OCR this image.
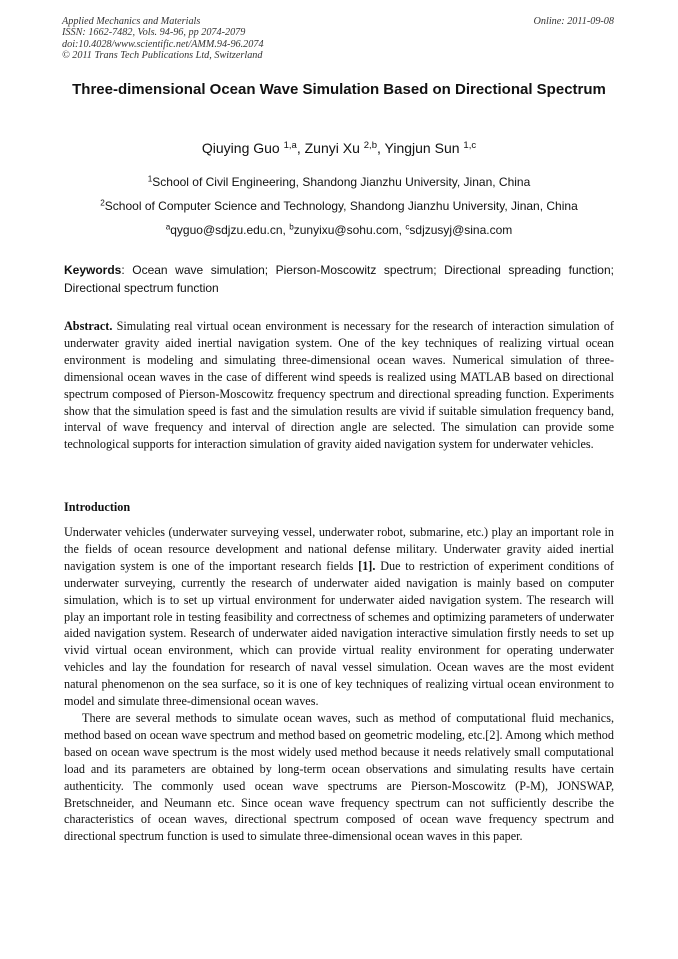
Applied Mechanics and Materials
ISSN: 1662-7482, Vols. 94-96, pp 2074-2079
doi:10.4028/www.scientific.net/AMM.94-96.2074
© 2011 Trans Tech Publications Ltd, Switzerland
Online: 2011-09-08
Three-dimensional Ocean Wave Simulation Based on Directional Spectrum
Qiuying Guo $^{1,a}$, Zunyi Xu $^{2,b}$, Yingjun Sun $^{1,c}$
$^1$School of Civil Engineering, Shandong Jianzhu University, Jinan, China
$^2$School of Computer Science and Technology, Shandong Jianzhu University, Jinan, China
$^a$qyguo@sdjzu.edu.cn, $^b$zunyixu@sohu.com, $^c$sdjzusyj@sina.com
Keywords: Ocean wave simulation; Pierson-Moscowitz spectrum; Directional spreading function; Directional spectrum function

Abstract. Simulating real virtual ocean environment is necessary for the research of interaction simulation of underwater gravity aided inertial navigation system. One of the key techniques of realizing virtual ocean environment is modeling and simulating three-dimensional ocean waves. Numerical simulation of three-dimensional ocean waves in the case of different wind speeds is realized using MATLAB based on directional spectrum composed of Pierson-Moscowitz frequency spectrum and directional spreading function. Experiments show that the simulation speed is fast and the simulation results are vivid if suitable simulation frequency band, interval of wave frequency and interval of direction angle are selected. The simulation can provide some technological supports for interaction simulation of gravity aided navigation system for underwater vehicles.

Introduction

Underwater vehicles (underwater surveying vessel, underwater robot, submarine, etc.) play an important role in the fields of ocean resource development and national defense military. Underwater gravity aided inertial navigation system is one of the important research fields [1]. Due to restriction of experiment conditions of underwater surveying, currently the research of underwater aided navigation is mainly based on computer simulation, which is to set up virtual environment for underwater aided navigation system. The research will play an important role in testing feasibility and correctness of schemes and optimizing parameters of underwater aided navigation system. Research of underwater aided navigation interactive simulation firstly needs to set up vivid virtual ocean environment, which can provide virtual reality environment for operating underwater vehicles and lay the foundation for research of naval vessel simulation. Ocean waves are the most evident natural phenomenon on the sea surface, so it is one of key techniques of realizing virtual ocean environment to model and simulate three-dimensional ocean waves.

There are several methods to simulate ocean waves, such as method of computational fluid mechanics, method based on ocean wave spectrum and method based on geometric modeling, etc.[2]. Among which method based on ocean wave spectrum is the most widely used method because it needs relatively small computational load and its parameters are obtained by long-term ocean observations and simulating results have certain authenticity. The commonly used ocean wave spectrums are Pierson-Moscowitz (P-M), JONSWAP, Bretschneider, and Neumann etc. Since ocean wave frequency spectrum can not sufficiently describe the characteristics of ocean waves, directional spectrum composed of ocean wave frequency spectrum and directional spectrum function is used to simulate three-dimensional ocean waves in this paper.
